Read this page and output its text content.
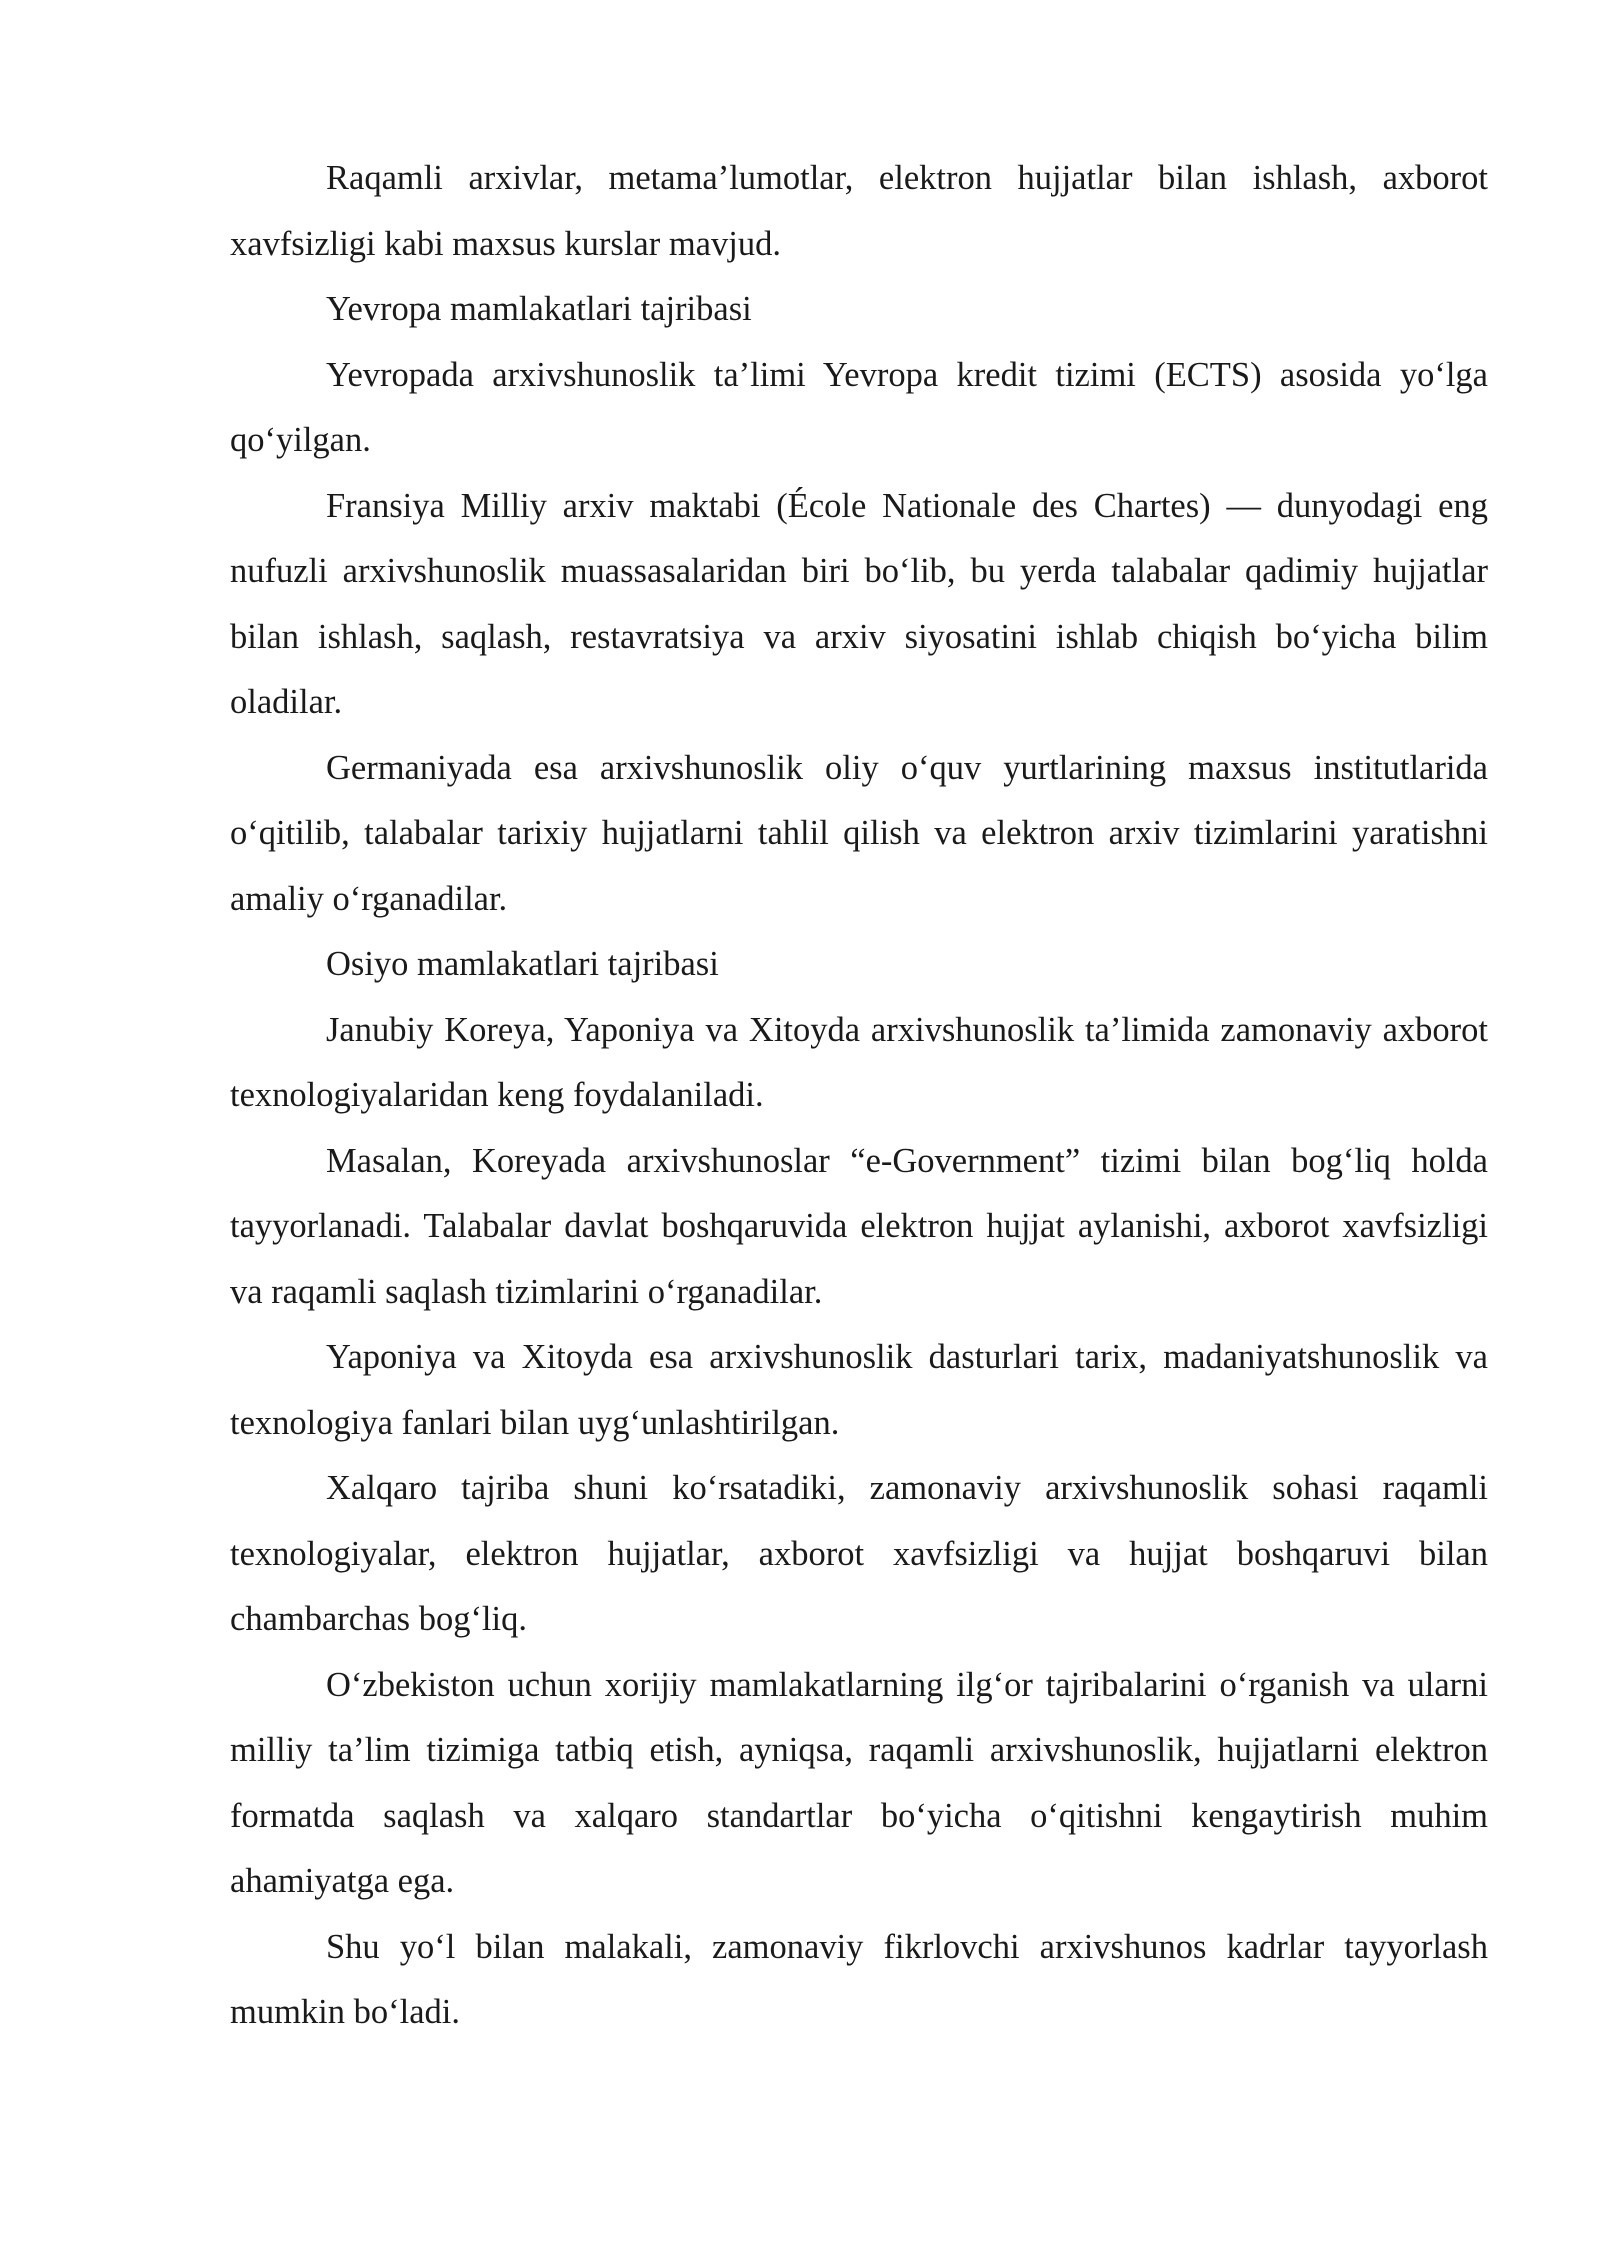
Raqamli arxivlar, metama’lumotlar, elektron hujjatlar bilan ishlash, axborot xavfsizligi kabi maxsus kurslar mavjud.

Yevropa mamlakatlari tajribasi

Yevropada arxivshunoslik ta’limi Yevropa kredit tizimi (ECTS) asosida yo‘lga qo‘yilgan.

Fransiya Milliy arxiv maktabi (École Nationale des Chartes) — dunyodagi eng nufuzli arxivshunoslik muassasalaridan biri bo‘lib, bu yerda talabalar qadimiy hujjatlar bilan ishlash, saqlash, restavratsiya va arxiv siyosatini ishlab chiqish bo‘yicha bilim oladilar.

Germaniyada esa arxivshunoslik oliy o‘quv yurtlarining maxsus institutlarida o‘qitilib, talabalar tarixiy hujjatlarni tahlil qilish va elektron arxiv tizimlarini yaratishni amaliy o‘rganadilar.

Osiyo mamlakatlari tajribasi

Janubiy Koreya, Yaponiya va Xitoyda arxivshunoslik ta’limida zamonaviy axborot texnologiyalaridan keng foydalaniladi.

Masalan, Koreyada arxivshunoslar “e-Government” tizimi bilan bog‘liq holda tayyorlanadi. Talabalar davlat boshqaruvida elektron hujjat aylanishi, axborot xavfsizligi va raqamli saqlash tizimlarini o‘rganadilar.

Yaponiya va Xitoyda esa arxivshunoslik dasturlari tarix, madaniyatshunoslik va texnologiya fanlari bilan uyg‘unlashtirilgan.

Xalqaro tajriba shuni ko‘rsatadiki, zamonaviy arxivshunoslik sohasi raqamli texnologiyalar, elektron hujjatlar, axborot xavfsizligi va hujjat boshqaruvi bilan chambarchas bog‘liq.

O‘zbekiston uchun xorijiy mamlakatlarning ilg‘or tajribalarini o‘rganish va ularni milliy ta’lim tizimiga tatbiq etish, ayniqsa, raqamli arxivshunoslik, hujjatlarni elektron formatda saqlash va xalqaro standartlar bo‘yicha o‘qitishni kengaytirish muhim ahamiyatga ega.

Shu yo‘l bilan malakali, zamonaviy fikrlovchi arxivshunos kadrlar tayyorlash mumkin bo‘ladi.
